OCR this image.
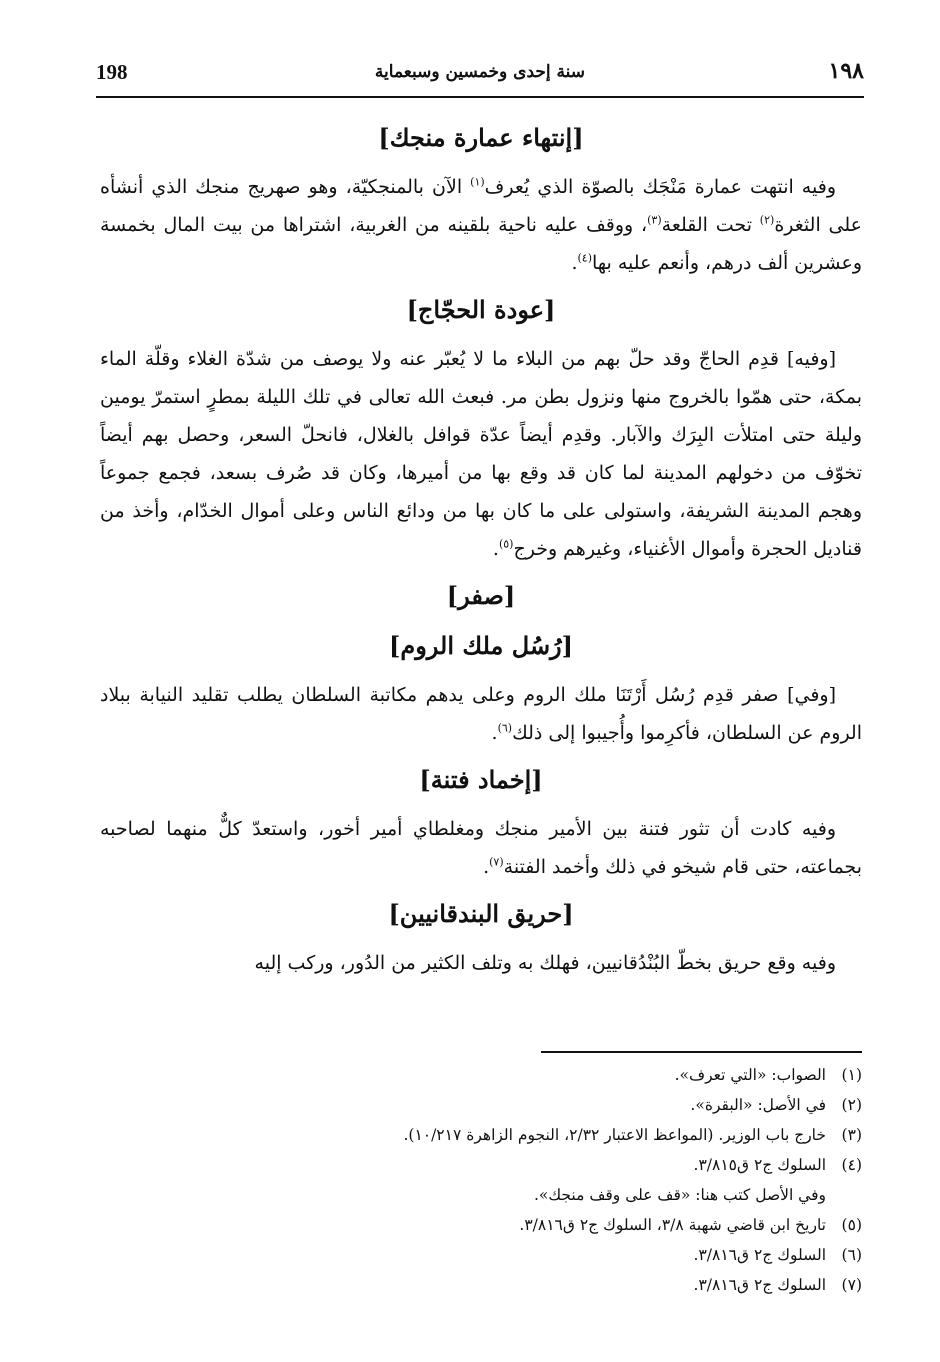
198	سنة إحدى وخمسين وسبعماية	١٩٨
[إنتهاء عمارة منجك]

وفيه انتهت عمارة مَنْجَك بالصوّة الذي يُعرف$^{(١)}$ الآن بالمنجكيّة، وهو صهريج منجك الذي أنشأه على الثغرة$^{(٢)}$ تحت القلعة$^{(٣)}$، ووقف عليه ناحية بلقينه من الغربية، اشتراها من بيت المال بخمسة وعشرين ألف درهم، وأنعم عليه بها$^{(٤)}$.

[عودة الحجّاج]

[وفيه] قدِم الحاجّ وقد حلّ بهم من البلاء ما لا يُعبّر عنه ولا يوصف من شدّة الغلاء وقلّة الماء بمكة، حتى همّوا بالخروج منها ونزول بطن مر. فبعث الله تعالى في تلك الليلة بمطرٍ استمرّ يومين وليلة حتى امتلأت البِرَك والآبار. وقدِم أيضاً عدّة قوافل بالغلال، فانحلّ السعر، وحصل بهم أيضاً تخوّف من دخولهم المدينة لما كان قد وقع بها من أميرها، وكان قد صُرف بسعد، فجمع جموعاً وهجم المدينة الشريفة، واستولى على ما كان بها من ودائع الناس وعلى أموال الخدّام، وأخذ من قناديل الحجرة وأموال الأغنياء، وغيرهم وخرج$^{(٥)}$.

[صفر]
[رُسُل ملك الروم]

[وفي] صفر قدِم رُسُل أَرْتَنَا ملك الروم وعلى يدهم مكاتبة السلطان يطلب تقليد النيابة ببلاد الروم عن السلطان، فأكرِموا وأُجيبوا إلى ذلك$^{(٦)}$.

[إخماد فتنة]

وفيه كادت أن تثور فتنة بين الأمير منجك ومغلطاي أمير أخور، واستعدّ كلٌّ منهما لصاحبه بجماعته، حتى قام شيخو في ذلك وأخمد الفتنة$^{(٧)}$.

[حريق البندقانيين]

وفيه وقع حريق بخطّ البُنْدُقانيين، فهلك به وتلف الكثير من الدُور، وركب إليه

(١)الصواب: «التي تعرف».
(٢)في الأصل: «البقرة».
(٣)خارج باب الوزير. (المواعظ الاعتبار ٢/٣٢، النجوم الزاهرة ١٠/٢١٧).
(٤)السلوك ج٢ ق٣/٨١٥.
وفي الأصل كتب هنا: «قف على وقف منجك».
(٥)تاريخ ابن قاضي شهبة ٣/٨، السلوك ج٢ ق٣/٨١٦.
(٦)السلوك ج٢ ق٣/٨١٦.
(٧)السلوك ج٢ ق٣/٨١٦.
